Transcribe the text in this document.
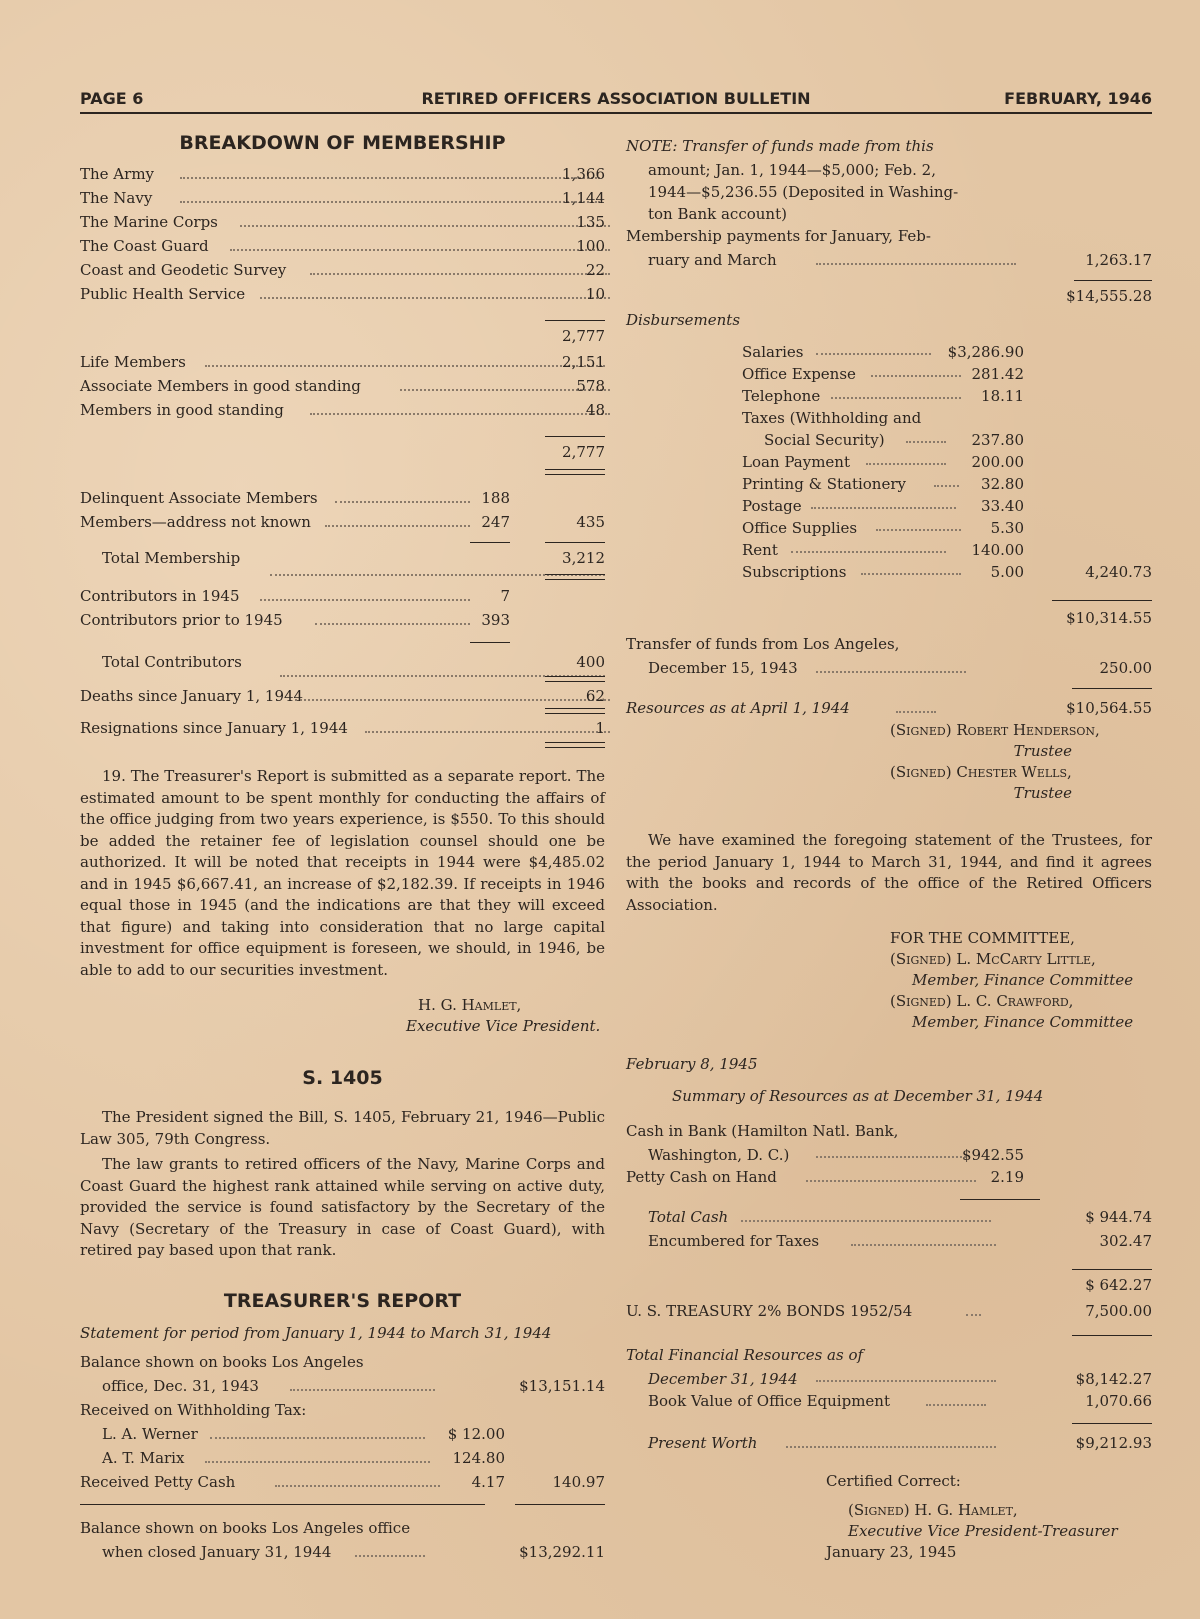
PAGE 6	RETIRED OFFICERS ASSOCIATION BULLETIN	FEBRUARY, 1946
BREAKDOWN OF MEMBERSHIP
The Army	1,366
The Navy	1,144
The Marine Corps	135
The Coast Guard	100
Coast and Geodetic Survey	22
Public Health Service	10
2,777
Life Members	2,151
Associate Members in good standing	578
Members in good standing	48
2,777
Delinquent Associate Members	188
Members—address not known	247	435
Total Membership	3,212
Contributors in 1945	7
Contributors prior to 1945	393
Total Contributors	400
Deaths since January 1, 1944	62
Resignations since January 1, 1944	1

19. The Treasurer's Report is submitted as a separate report. The estimated amount to be spent monthly for conducting the affairs of the office judging from two years experience, is $550. To this should be added the retainer fee of legislation counsel should one be authorized. It will be noted that receipts in 1944 were $4,485.02 and in 1945 $6,667.41, an increase of $2,182.39. If receipts in 1946 equal those in 1945 (and the indications are that they will exceed that figure) and taking into consideration that no large capital investment for office equipment is foreseen, we should, in 1946, be able to add to our securities investment.

H. G. Hamlet,
Executive Vice President.
S. 1405

The President signed the Bill, S. 1405, February 21, 1946—Public Law 305, 79th Congress.

The law grants to retired officers of the Navy, Marine Corps and Coast Guard the highest rank attained while serving on active duty, provided the service is found satisfactory by the Secretary of the Navy (Secretary of the Treasury in case of Coast Guard), with retired pay based upon that rank.

TREASURER'S REPORT
Statement for period from January 1, 1944 to March 31, 1944
Balance shown on books Los Angeles
office, Dec. 31, 1943	$13,151.14
Received on Withholding Tax:
L. A. Werner	$ 12.00
A. T. Marix	124.80
Received Petty Cash	4.17	140.97
Balance shown on books Los Angeles office
when closed January 31, 1944	$13,292.11
NOTE: Transfer of funds made from this
amount; Jan. 1, 1944—$5,000; Feb. 2,
1944—$5,236.55 (Deposited in Washing-
ton Bank account)
Membership payments for January, Feb-
ruary and March	1,263.17
$14,555.28
Disbursements
Salaries	$3,286.90
Office Expense	281.42
Telephone	18.11
Taxes (Withholding and
Social Security)	237.80
Loan Payment	200.00
Printing & Stationery	32.80
Postage	33.40
Office Supplies	5.30
Rent	140.00
Subscriptions	5.00	4,240.73
$10,314.55
Transfer of funds from Los Angeles,
December 15, 1943	250.00
Resources as at April 1, 1944	$10,564.55
(Signed) Robert Henderson,
Trustee
(Signed) Chester Wells,
Trustee

We have examined the foregoing statement of the Trustees, for the period January 1, 1944 to March 31, 1944, and find it agrees with the books and records of the office of the Retired Officers Association.

FOR THE COMMITTEE,
(Signed) L. McCarty Little,
Member, Finance Committee
(Signed) L. C. Crawford,
Member, Finance Committee
February 8, 1945
Summary of Resources as at December 31, 1944
Cash in Bank (Hamilton Natl. Bank,
Washington, D. C.)	$942.55
Petty Cash on Hand	2.19
Total Cash	$ 944.74
Encumbered for Taxes	302.47
$ 642.27
U. S. TREASURY 2% BONDS 1952/54	7,500.00
Total Financial Resources as of
December 31, 1944	$8,142.27
Book Value of Office Equipment	1,070.66
Present Worth	$9,212.93
Certified Correct:
(Signed) H. G. Hamlet,
Executive Vice President-Treasurer
January 23, 1945
